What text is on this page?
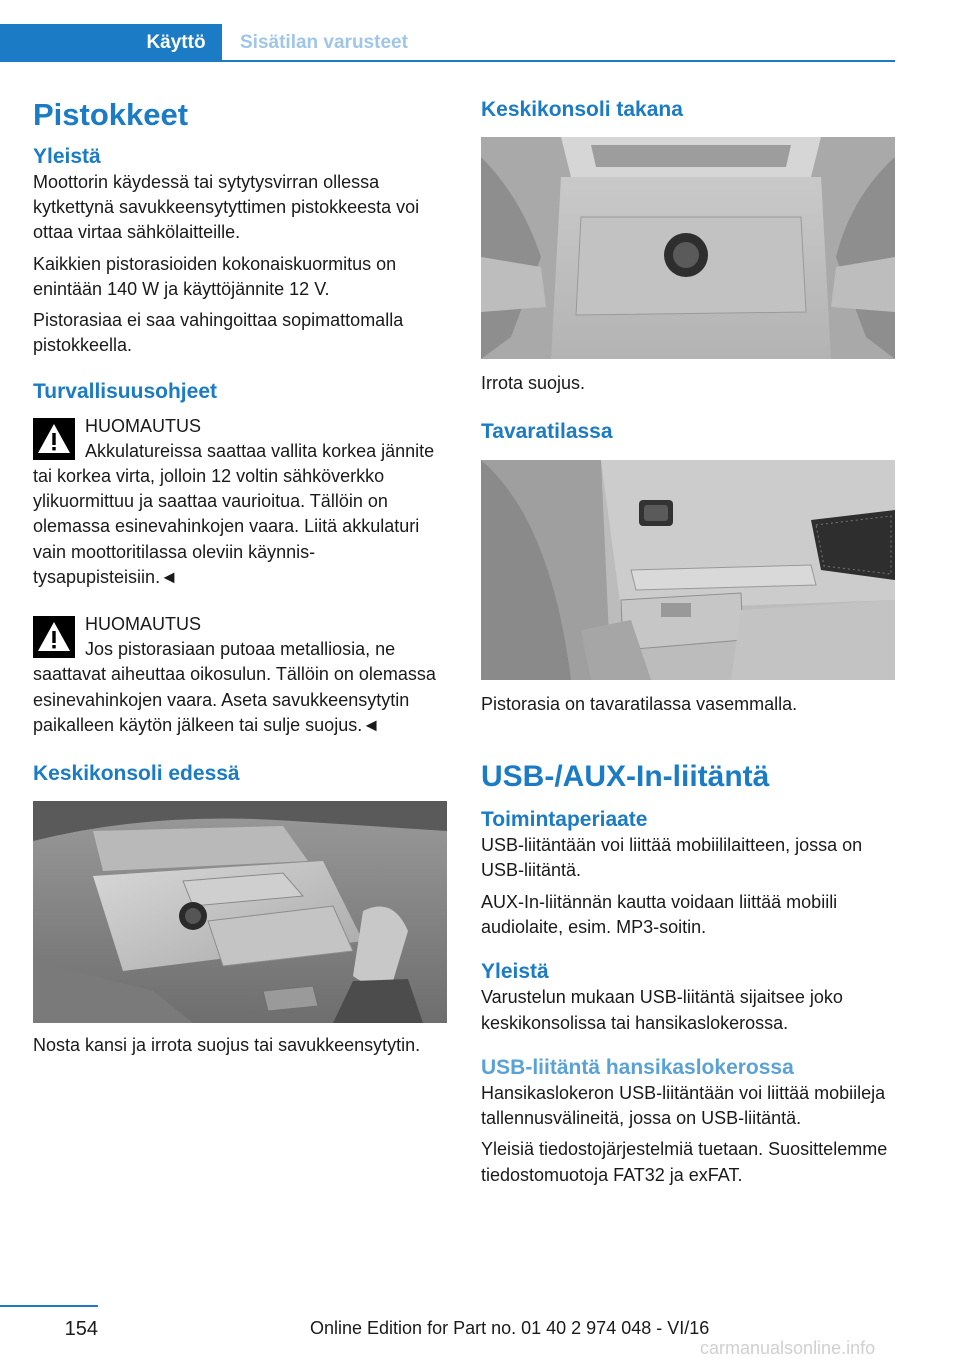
Käyttö	Sisätilan varusteet
Pistokkeet
Yleistä

Moottorin käydessä tai sytytysvirran ollessa kytkettynä savukkeensytyttimen pistokkeesta voi ottaa virtaa sähkölaitteille.

Kaikkien pistorasioiden kokonaiskuormitus on enintään 140 W ja käyttöjännite 12 V.

Pistorasiaa ei saa vahingoittaa sopimattomalla pistokkeella.

Turvallisuusohjeet

HUOMAUTUS

Akkulatureissa saattaa vallita korkea jännite tai korkea virta, jolloin 12 voltin sähköverkko ylikuormittuu ja saattaa vaurioitua. Tällöin on olemassa esinevahinkojen vaara. Liitä akkulaturi vain moottoritilassa oleviin käynnistysapupisteisiin.◄

HUOMAUTUS

Jos pistorasiaan putoaa metalliosia, ne saattavat aiheuttaa oikosulun. Tällöin on olemassa esinevahinkojen vaara. Aseta savukkeensytytin paikalleen käytön jälkeen tai sulje suojus.◄

Keskikonsoli edessä

Nosta kansi ja irrota suojus tai savukkeensytytin.

Keskikonsoli takana

Irrota suojus.

Tavaratilassa

Pistorasia on tavaratilassa vasemmalla.

USB-/AUX-In-liitäntä

Toimintaperiaate

USB-liitäntään voi liittää mobiililaitteen, jossa on USB-liitäntä.

AUX-In-liitännän kautta voidaan liittää mobiili audiolaite, esim. MP3-soitin.

Yleistä

Varustelun mukaan USB-liitäntä sijaitsee joko keskikonsolissa tai hansikaslokerossa.

USB-liitäntä hansikaslokerossa

Hansikaslokeron USB-liitäntään voi liittää mobiileja tallennusvälineitä, jossa on USB-liitäntä.

Yleisiä tiedostojärjestelmiä tuetaan. Suosittelemme tiedostomuotoja FAT32 ja exFAT.

154	Online Edition for Part no. 01 40 2 974 048 - VI/16
carmanualsonline.info
